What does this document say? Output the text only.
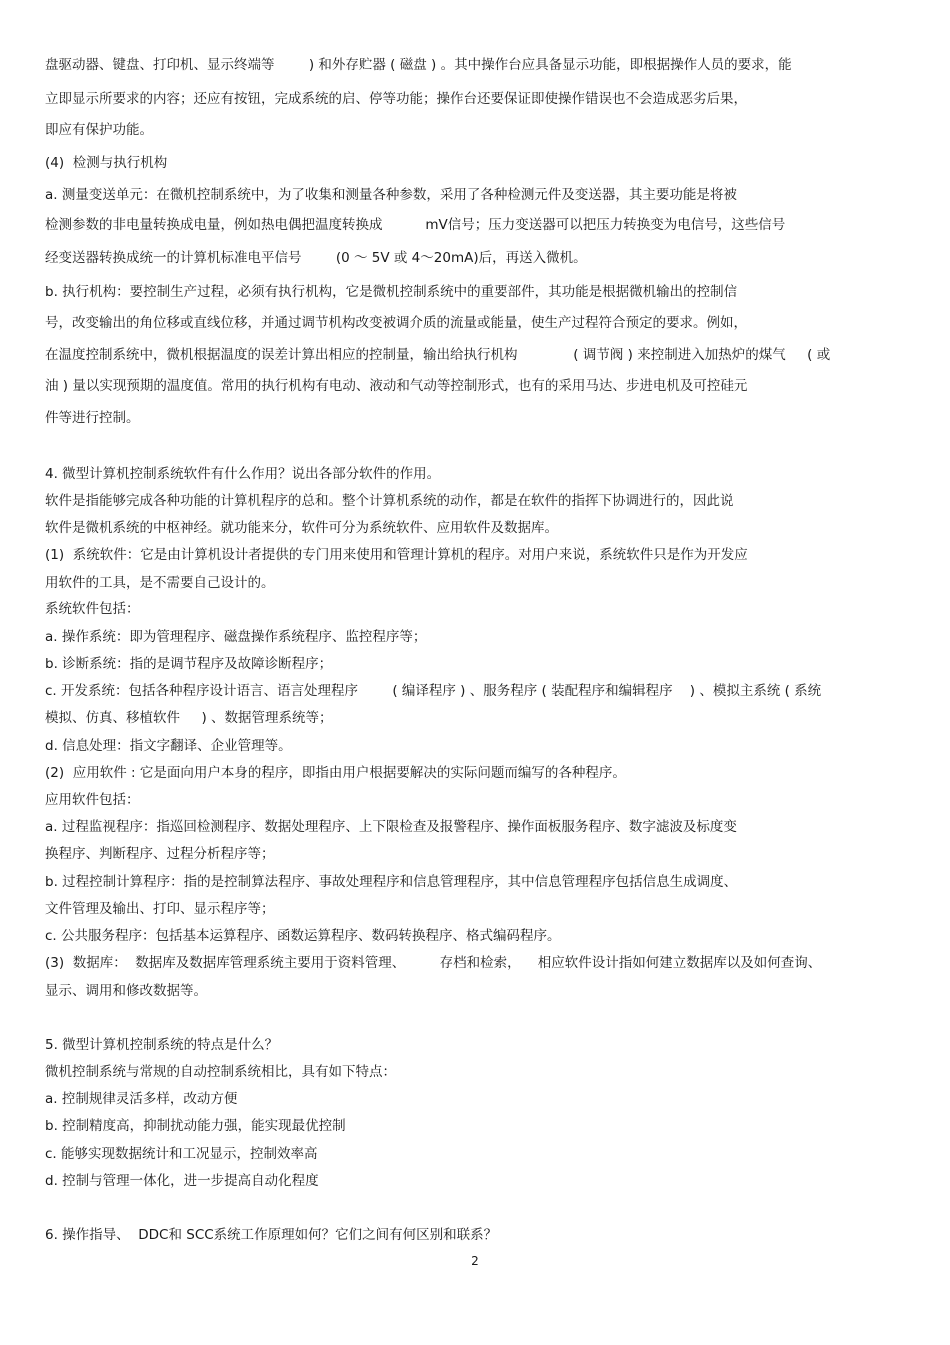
盘驱动器、键盘、打印机、显示终端等        ) 和外存贮器 ( 磁盘 ) 。其中操作台应具备显示功能，即根据操作人员的要求，能
立即显示所要求的内容；还应有按钮，完成系统的启、停等功能；操作台还要保证即使操作错误也不会造成恶劣后果，
即应有保护功能。
(4)  检测与执行机构
a. 测量变送单元：在微机控制系统中，为了收集和测量各种参数，采用了各种检测元件及变送器，其主要功能是将被
检测参数的非电量转换成电量，例如热电偶把温度转换成          mV信号；压力变送器可以把压力转换变为电信号，这些信号
经变送器转换成统一的计算机标准电平信号        (0 ～ 5V 或 4～20mA)后，再送入微机。
b. 执行机构：要控制生产过程，必须有执行机构，它是微机控制系统中的重要部件，其功能是根据微机输出的控制信
号，改变输出的角位移或直线位移，并通过调节机构改变被调介质的流量或能量，使生产过程符合预定的要求。例如，
在温度控制系统中，微机根据温度的误差计算出相应的控制量，输出给执行机构             ( 调节阀 ) 来控制进入加热炉的煤气     ( 或
油 ) 量以实现预期的温度值。常用的执行机构有电动、液动和气动等控制形式，也有的采用马达、步进电机及可控硅元
件等进行控制。
4. 微型计算机控制系统软件有什么作用？说出各部分软件的作用。
软件是指能够完成各种功能的计算机程序的总和。整个计算机系统的动作，都是在软件的指挥下协调进行的，因此说
软件是微机系统的中枢神经。就功能来分，软件可分为系统软件、应用软件及数据库。
(1)  系统软件：它是由计算机设计者提供的专门用来使用和管理计算机的程序。对用户来说，系统软件只是作为开发应
用软件的工具，是不需要自己设计的。
系统软件包括：
a. 操作系统：即为管理程序、磁盘操作系统程序、监控程序等；
b. 诊断系统：指的是调节程序及故障诊断程序；
c. 开发系统：包括各种程序设计语言、语言处理程序        ( 编译程序 ) 、服务程序 ( 装配程序和编辑程序    ) 、模拟主系统 ( 系统
模拟、仿真、移植软件     ) 、数据管理系统等；
d. 信息处理：指文字翻译、企业管理等。
(2)  应用软件 : 它是面向用户本身的程序，即指由用户根据要解决的实际问题而编写的各种程序。
应用软件包括：
a. 过程监视程序：指巡回检测程序、数据处理程序、上下限检查及报警程序、操作面板服务程序、数字滤波及标度变
换程序、判断程序、过程分析程序等；
b. 过程控制计算程序：指的是控制算法程序、事故处理程序和信息管理程序，其中信息管理程序包括信息生成调度、
文件管理及输出、打印、显示程序等；
c. 公共服务程序：包括基本运算程序、函数运算程序、数码转换程序、格式编码程序。
(3)  数据库：  数据库及数据库管理系统主要用于资料管理、        存档和检索，    相应软件设计指如何建立数据库以及如何查询、
显示、调用和修改数据等。
5. 微型计算机控制系统的特点是什么？
微机控制系统与常规的自动控制系统相比，具有如下特点：
a. 控制规律灵活多样，改动方便
b. 控制精度高，抑制扰动能力强，能实现最优控制
c. 能够实现数据统计和工况显示，控制效率高
d. 控制与管理一体化，进一步提高自动化程度
6. 操作指导、  DDC和 SCC系统工作原理如何？它们之间有何区别和联系？
2
